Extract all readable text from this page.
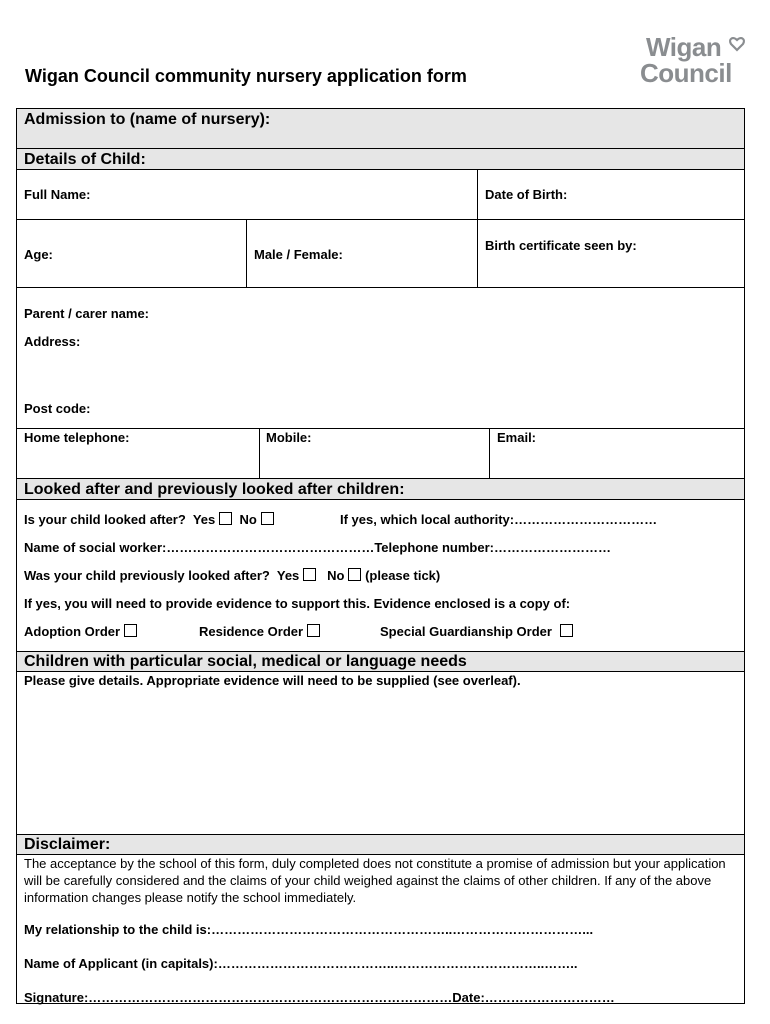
Wigan Council community nursery application form
Wigan
Council
Admission to (name of nursery):
Details of Child:
Full Name:	Date of Birth:
Age:	Male / Female:
Birth certificate seen by:
Parent / carer name:
Address:
Post code:
Home telephone:	Mobile:	Email:
Looked after and previously looked after children:
Is your child looked after? Yes No	If yes, which local authority:……………………………
Name of social worker:…………………………………………Telephone number:………………………
Was your child previously looked after? Yes No (please tick)
If yes, you will need to provide evidence to support this. Evidence enclosed is a copy of:
Adoption Order	Residence Order	Special Guardianship Order
Children with particular social, medical or language needs
Please give details. Appropriate evidence will need to be supplied (see overleaf).
Disclaimer:
The acceptance by the school of this form, duly completed does not constitute a promise of admission but your application will be carefully considered and the claims of your child weighed against the claims of other children. If any of the above information changes please notify the school immediately.
My relationship to the child is:………………………………………………..…………………………...
Name of Applicant (in capitals):…………………………………..……………………………..……..
Signature:…………………………………………………………………………Date:…………………………
